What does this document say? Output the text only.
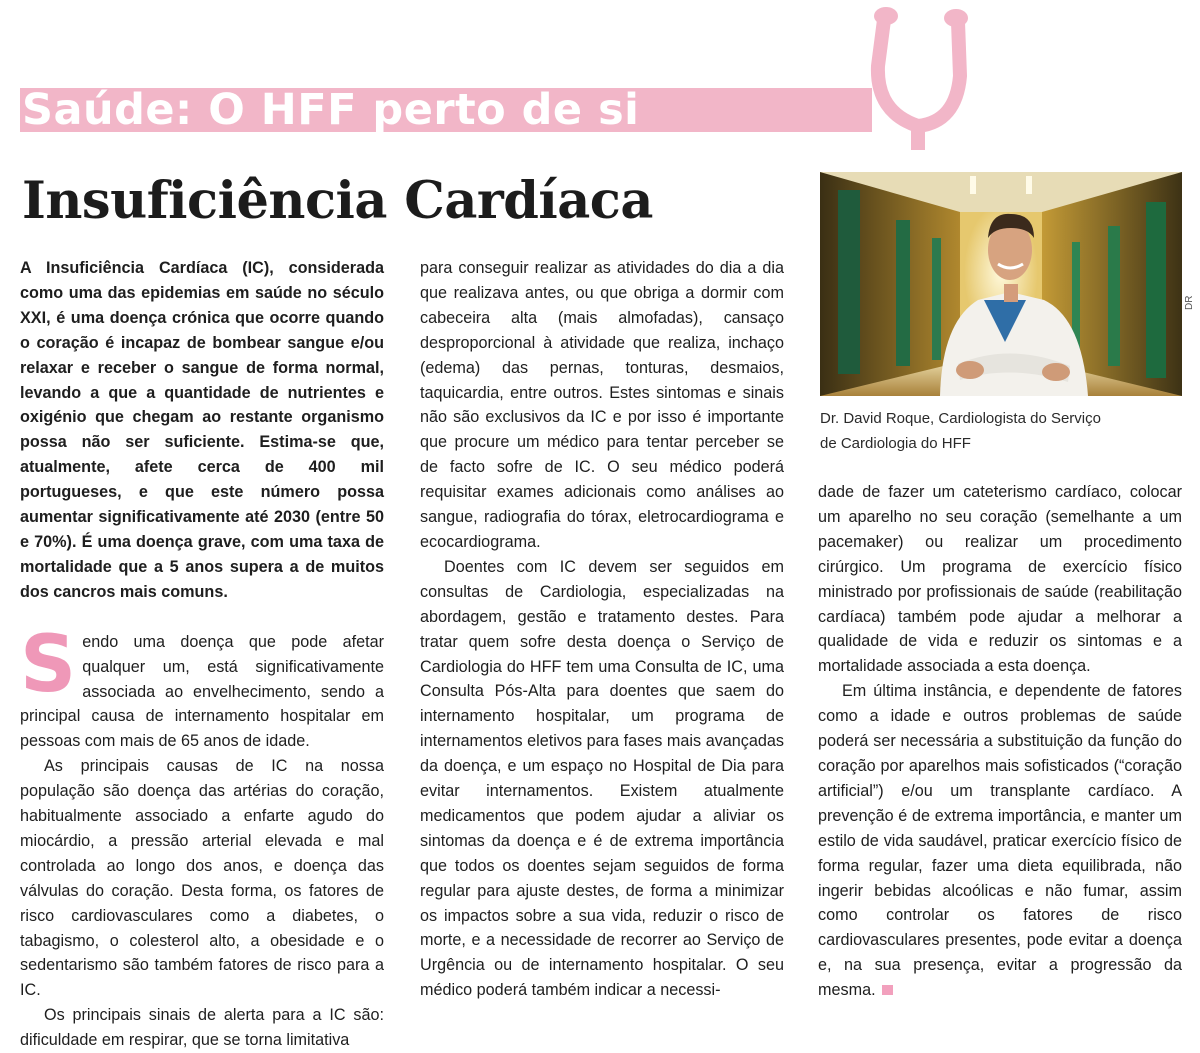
Saúde: O HFF perto de si
Insuficiência Cardíaca

A Insuficiência Cardíaca (IC), considerada como uma das epidemias em saúde no século XXI, é uma doença crónica que ocorre quando o coração é incapaz de bombear sangue e/ou relaxar e receber o sangue de forma normal, levando a que a quantidade de nutrientes e oxigénio que chegam ao restante organismo possa não ser suficiente. Estima-se que, atualmente, afete cerca de 400 mil portugueses, e que este número possa aumentar significativamente até 2030 (entre 50 e 70%). É uma doença grave, com uma taxa de mortalidade que a 5 anos supera a de muitos dos cancros mais comuns.

Sendo uma doença que pode afetar qualquer um, está significativamente associada ao envelhecimento, sendo a principal causa de internamento hospitalar em pessoas com mais de 65 anos de idade.

As principais causas de IC na nossa população são doença das artérias do coração, habitualmente associado a enfarte agudo do miocárdio, a pressão arterial elevada e mal controlada ao longo dos anos, e doença das válvulas do coração. Desta forma, os fatores de risco cardiovasculares como a diabetes, o tabagismo, o colesterol alto, a obesidade e o sedentarismo são também fatores de risco para a IC.

Os principais sinais de alerta para a IC são: dificuldade em respirar, que se torna limitativa

para conseguir realizar as atividades do dia a dia que realizava antes, ou que obriga a dormir com cabeceira alta (mais almofadas), cansaço desproporcional à atividade que realiza, inchaço (edema) das pernas, tonturas, desmaios, taquicardia, entre outros. Estes sintomas e sinais não são exclusivos da IC e por isso é importante que procure um médico para tentar perceber se de facto sofre de IC. O seu médico poderá requisitar exames adicionais como análises ao sangue, radiografia do tórax, eletrocardiograma e ecocardiograma.

Doentes com IC devem ser seguidos em consultas de Cardiologia, especializadas na abordagem, gestão e tratamento destes. Para tratar quem sofre desta doença o Serviço de Cardiologia do HFF tem uma Consulta de IC, uma Consulta Pós-Alta para doentes que saem do internamento hospitalar, um programa de internamentos eletivos para fases mais avançadas da doença, e um espaço no Hospital de Dia para evitar internamentos. Existem atualmente medicamentos que podem ajudar a aliviar os sintomas da doença e é de extrema importância que todos os doentes sejam seguidos de forma regular para ajuste destes, de forma a minimizar os impactos sobre a sua vida, reduzir o risco de morte, e a necessidade de recorrer ao Serviço de Urgência ou de internamento hospitalar. O seu médico poderá também indicar a necessi-

DR
Dr. David Roque, Cardiologista do Serviço
de Cardiologia do HFF

dade de fazer um cateterismo cardíaco, colocar um aparelho no seu coração (semelhante a um pacemaker) ou realizar um procedimento cirúrgico. Um programa de exercício físico ministrado por profissionais de saúde (reabilitação cardíaca) também pode ajudar a melhorar a qualidade de vida e reduzir os sintomas e a mortalidade associada a esta doença.

Em última instância, e dependente de fatores como a idade e outros problemas de saúde poderá ser necessária a substituição da função do coração por aparelhos mais sofisticados (“coração artificial”) e/ou um transplante cardíaco. A prevenção é de extrema importância, e manter um estilo de vida saudável, praticar exercício físico de forma regular, fazer uma dieta equilibrada, não ingerir bebidas alcoólicas e não fumar, assim como controlar os fatores de risco cardiovasculares presentes, pode evitar a doença e, na sua presença, evitar a progressão da mesma.
